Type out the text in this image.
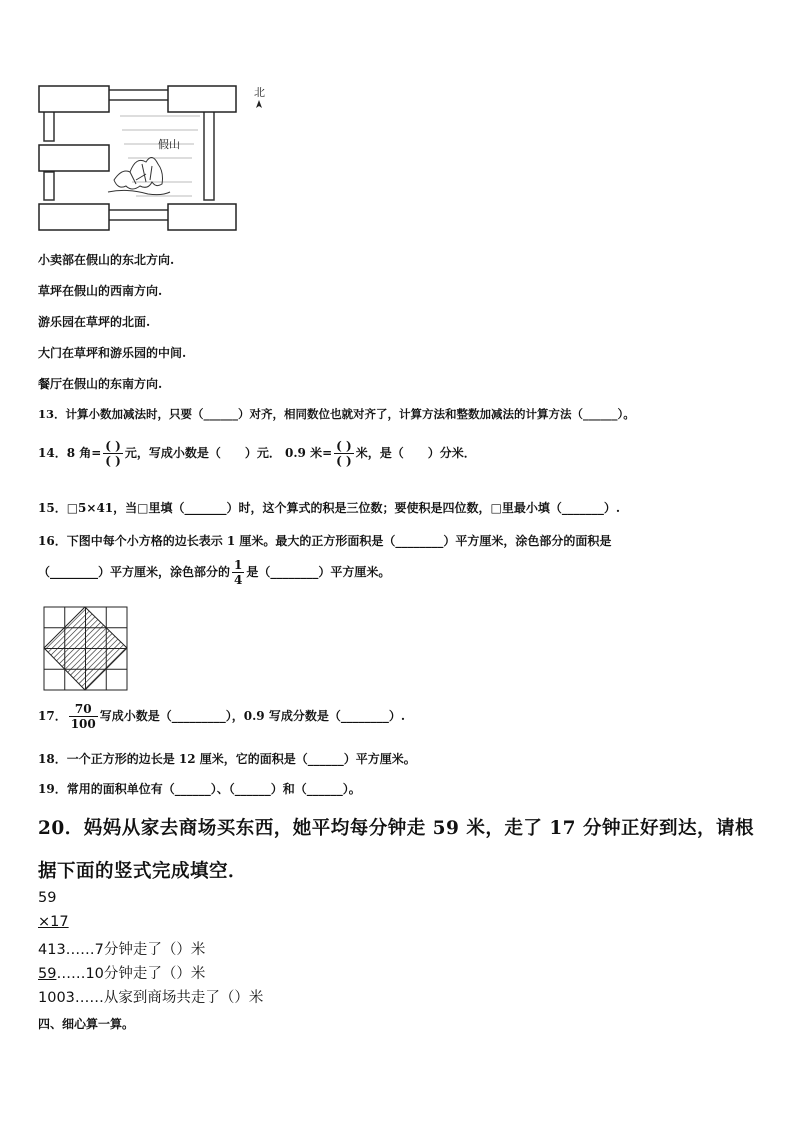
假山
北
小卖部在假山的东北方向.
草坪在假山的西南方向.
游乐园在草坪的北面.
大门在草坪和游乐园的中间.
餐厅在假山的东南方向.
13．计算小数加减法时，只要（______）对齐，相同数位也就对齐了，计算方法和整数加减法的计算方法（______）。
14．8 角= $\frac{( )}{( )}$ 元，写成小数是（　　）元． 0.9 米= $\frac{( )}{( )}$ 米，是（　　）分米．
15．□5×41，当□里填（_______）时，这个算式的积是三位数；要使积是四位数，□里最小填（_______）.
16．下图中每个小方格的边长表示 1 厘米。最大的正方形面积是（________）平方厘米，涂色部分的面积是
（________）平方厘米，涂色部分的 $\frac{1}{4}$ 是（________）平方厘米。
17． $\frac{70}{100}$ 写成小数是（_________），0.9 写成分数是（________）.
18．一个正方形的边长是 12 厘米，它的面积是（______）平方厘米。
19．常用的面积单位有（______）、（______）和（______）。
20．妈妈从家去商场买东西，她平均每分钟走 59 米，走了 17 分钟正好到达，请根
据下面的竖式完成填空．
59
×17
413……7分钟走了（）米
59……10分钟走了（）米
1003……从家到商场共走了（）米
四、细心算一算。
